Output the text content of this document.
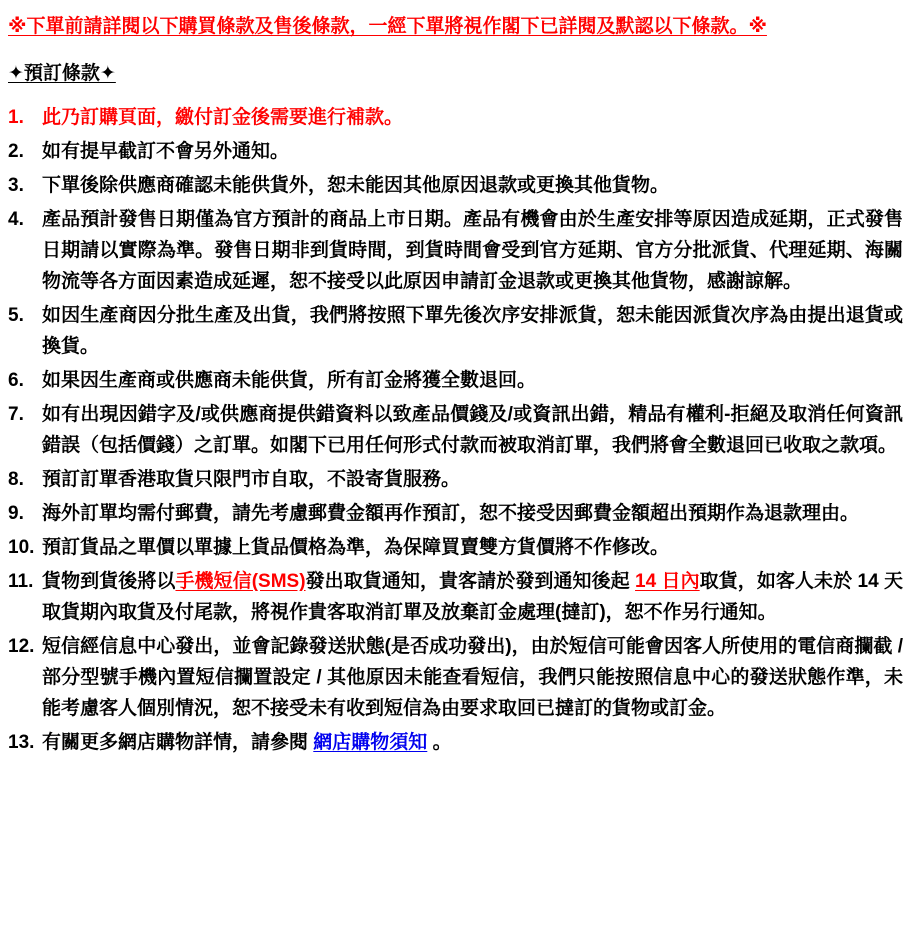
※下單前請詳閱以下購買條款及售後條款，一經下單將視作閣下已詳閱及默認以下條款。※
✦預訂條款✦
1. 此乃訂購頁面，繳付訂金後需要進行補款。
2. 如有提早截訂不會另外通知。
3. 下單後除供應商確認未能供貨外，恕未能因其他原因退款或更換其他貨物。
4. 產品預計發售日期僅為官方預計的商品上市日期。產品有機會由於生產安排等原因造成延期，正式發售日期請以實際為準。發售日期非到貨時間，到貨時間會受到官方延期、官方分批派貨、代理延期、海關物流等各方面因素造成延遲，恕不接受以此原因申請訂金退款或更換其他貨物，感謝諒解。
5. 如因生產商因分批生產及出貨，我們將按照下單先後次序安排派貨，恕未能因派貨次序為由提出退貨或換貨。
6. 如果因生產商或供應商未能供貨，所有訂金將獲全數退回。
7. 如有出現因錯字及/或供應商提供錯資料以致產品價錢及/或資訊出錯，精品有權利-拒絕及取消任何資訊錯誤（包括價錢）之訂單。如閣下已用任何形式付款而被取消訂單，我們將會全數退回已收取之款項。
8. 預訂訂單香港取貨只限門市自取，不設寄貨服務。
9. 海外訂單均需付郵費，請先考慮郵費金額再作預訂，恕不接受因郵費金額超出預期作為退款理由。
10. 預訂貨品之單價以單據上貨品價格為準，為保障買賣雙方貨價將不作修改。
11. 貨物到貨後將以手機短信(SMS)發出取貨通知，貴客請於發到通知後起 14 日內取貨，如客人未於 14 天取貨期內取貨及付尾款，將視作貴客取消訂單及放棄訂金處理(撻訂)，恕不作另行通知。
12. 短信經信息中心發出，並會記錄發送狀態(是否成功發出)，由於短信可能會因客人所使用的電信商攔截 / 部分型號手機內置短信攔置設定 / 其他原因未能查看短信，我們只能按照信息中心的發送狀態作準，未能考慮客人個別情況，恕不接受未有收到短信為由要求取回已撻訂的貨物或訂金。
13. 有關更多網店購物詳情，請參閱 網店購物須知 。
